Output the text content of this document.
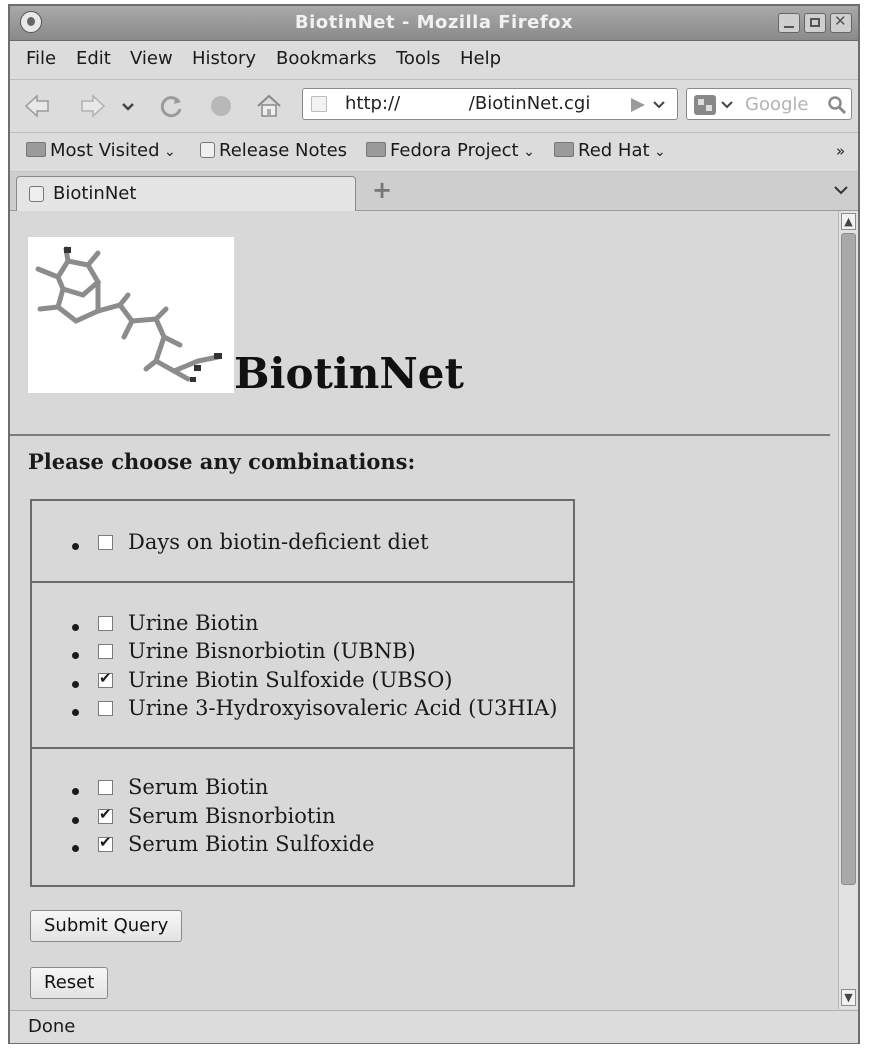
BiotinNet - Mozilla Firefox	✕
File Edit View History Bookmarks Tools Help
http://            /BiotinNet.cgi	Google
Most Visited ⌄	Release Notes	Fedora Project ⌄	Red Hat ⌄	»
BiotinNet	+
BiotinNet

Please choose any combinations:

Days on biotin-deficient diet
Urine Biotin
Urine Bisnorbiotin (UBNB)
✔
Urine Biotin Sulfoxide (UBSO)
Urine 3-Hydroxyisovaleric Acid (U3HIA)
Serum Biotin
✔
Serum Bisnorbiotin
✔
Serum Biotin Sulfoxide
Submit Query
Reset
▲
▼
Done
